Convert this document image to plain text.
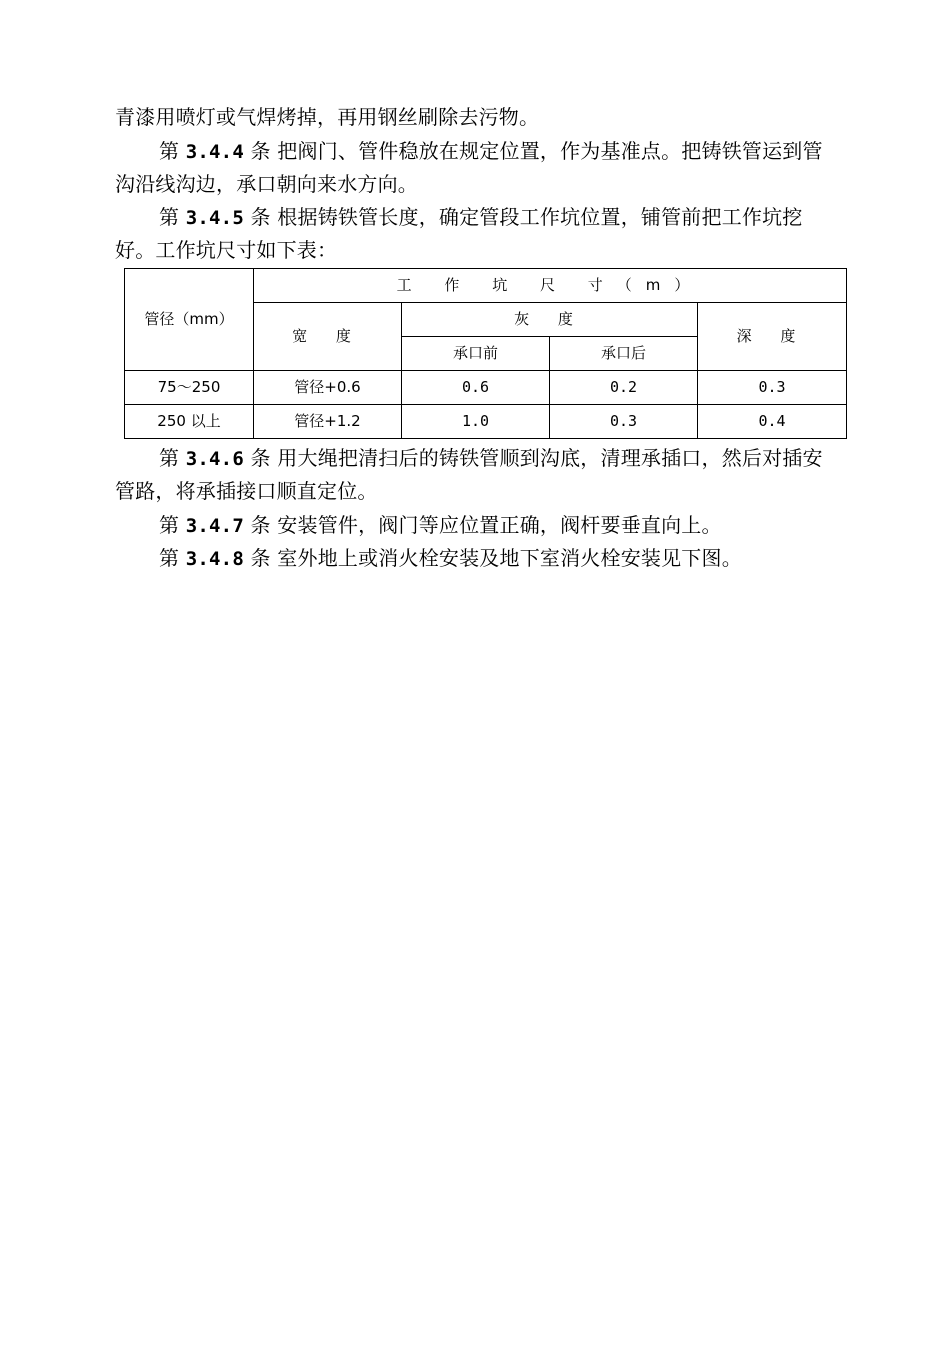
青漆用喷灯或气焊烤掉，再用钢丝刷除去污物。

第 3.4.4 条 把阀门、管件稳放在规定位置，作为基准点。把铸铁管运到管沟沿线沟边，承口朝向来水方向。

第 3.4.5 条 根据铸铁管长度，确定管段工作坑位置，铺管前把工作坑挖好。工作坑尺寸如下表：

管径（mm）	工 作 坑 尺 寸（m）			
	宽 度	灰 度		深 度
		承口前	承口后	
75～250	管径+0.6	0.6	0.2	0.3
250 以上	管径+1.2	1.0	0.3	0.4

第 3.4.6 条 用大绳把清扫后的铸铁管顺到沟底，清理承插口，然后对插安管路，将承插接口顺直定位。

第 3.4.7 条 安装管件，阀门等应位置正确，阀杆要垂直向上。

第 3.4.8 条 室外地上或消火栓安装及地下室消火栓安装见下图。
